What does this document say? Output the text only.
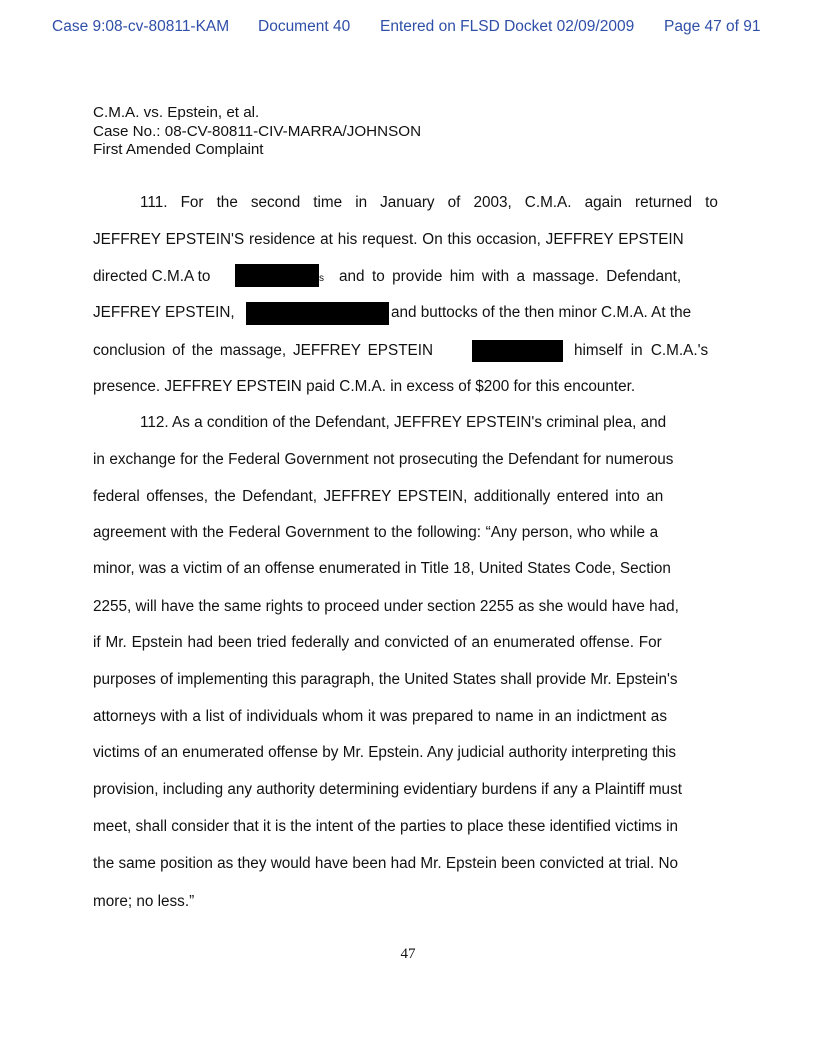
Case 9:08-cv-80811-KAM Document 40 Entered on FLSD Docket 02/09/2009 Page 47 of 91
C.M.A. vs. Epstein, et al.
Case No.: 08-CV-80811-CIV-MARRA/JOHNSON
First Amended Complaint
111. For the second time in January of 2003, C.M.A. again returned to
JEFFREY EPSTEIN'S residence at his request. On this occasion, JEFFREY EPSTEIN
directed C.M.A to	s and to provide him with a massage. Defendant,
JEFFREY EPSTEIN,	and buttocks of the then minor C.M.A. At the
conclusion of the massage, JEFFREY EPSTEIN	himself in C.M.A.'s
presence. JEFFREY EPSTEIN paid C.M.A. in excess of $200 for this encounter.
112. As a condition of the Defendant, JEFFREY EPSTEIN's criminal plea, and
in exchange for the Federal Government not prosecuting the Defendant for numerous
federal offenses, the Defendant, JEFFREY EPSTEIN, additionally entered into an
agreement with the Federal Government to the following: “Any person, who while a
minor, was a victim of an offense enumerated in Title 18, United States Code, Section
2255, will have the same rights to proceed under section 2255 as she would have had,
if Mr. Epstein had been tried federally and convicted of an enumerated offense. For
purposes of implementing this paragraph, the United States shall provide Mr. Epstein's
attorneys with a list of individuals whom it was prepared to name in an indictment as
victims of an enumerated offense by Mr. Epstein. Any judicial authority interpreting this
provision, including any authority determining evidentiary burdens if any a Plaintiff must
meet, shall consider that it is the intent of the parties to place these identified victims in
the same position as they would have been had Mr. Epstein been convicted at trial. No
more; no less.”
47
